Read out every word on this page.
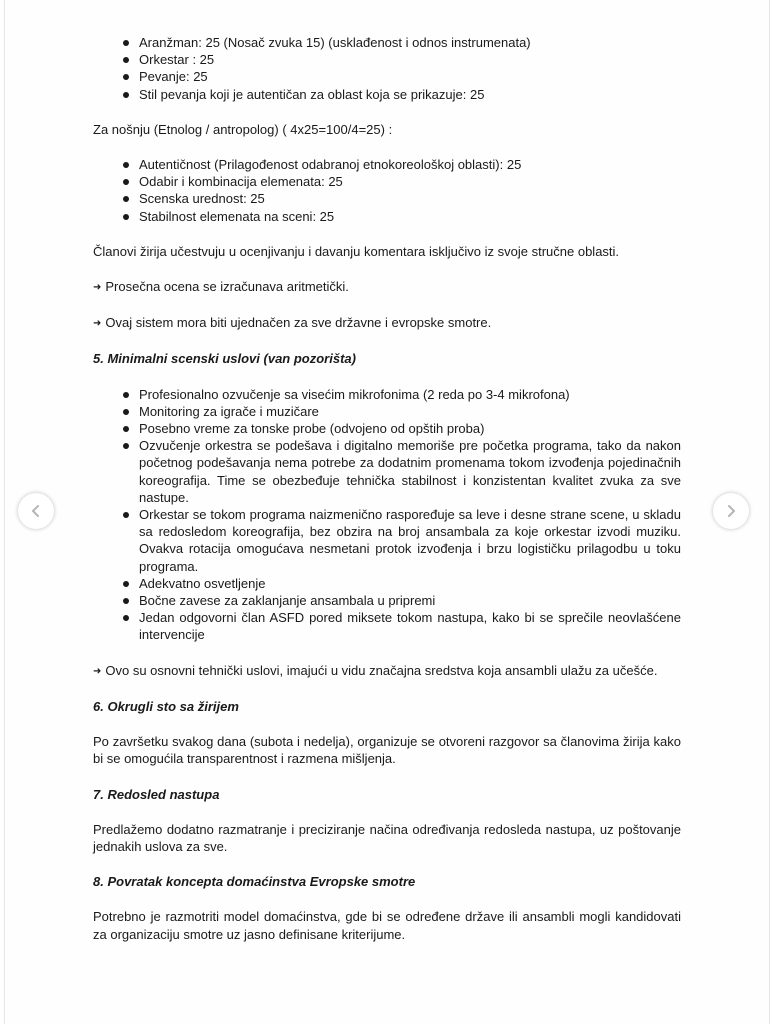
Aranžman: 25 (Nosač zvuka 15) (usklađenost i odnos instrumenata)
Orkestar : 25
Pevanje: 25
Stil pevanja koji je autentičan za oblast koja se prikazuje: 25

Za nošnju (Etnolog / antropolog) ( 4x25=100/4=25) :

Autentičnost (Prilagođenost odabranoj etnokoreološkoj oblasti): 25
Odabir i kombinacija elemenata: 25
Scenska urednost: 25
Stabilnost elemenata na sceni: 25

Članovi žirija učestvuju u ocenjivanju i davanju komentara isključivo iz svoje stručne oblasti.

➜ Prosečna ocena se izračunava aritmetički.

➜ Ovaj sistem mora biti ujednačen za sve državne i evropske smotre.

5. Minimalni scenski uslovi (van pozorišta)

Profesionalno ozvučenje sa visećim mikrofonima (2 reda po 3-4 mikrofona)
Monitoring za igrače i muzičare
Posebno vreme za tonske probe (odvojeno od opštih proba)
Ozvučenje orkestra se podešava i digitalno memoriše pre početka programa, tako da nakon početnog podešavanja nema potrebe za dodatnim promenama tokom izvođenja pojedinačnih koreografija. Time se obezbeđuje tehnička stabilnost i konzistentan kvalitet zvuka za sve nastupe.
Orkestar se tokom programa naizmenično raspoređuje sa leve i desne strane scene, u skladu sa redosledom koreografija, bez obzira na broj ansambala za koje orkestar izvodi muziku. Ovakva rotacija omogućava nesmetani protok izvođenja i brzu logističku prilagodbu u toku programa.
Adekvatno osvetljenje
Bočne zavese za zaklanjanje ansambala u pripremi
Jedan odgovorni član ASFD pored miksete tokom nastupa, kako bi se sprečile neovlašćene intervencije

➜ Ovo su osnovni tehnički uslovi, imajući u vidu značajna sredstva koja ansambli ulažu za učešće.

6. Okrugli sto sa žirijem

Po završetku svakog dana (subota i nedelja), organizuje se otvoreni razgovor sa članovima žirija kako bi se omogućila transparentnost i razmena mišljenja.

7. Redosled nastupa

Predlažemo dodatno razmatranje i preciziranje načina određivanja redosleda nastupa, uz poštovanje jednakih uslova za sve.

8. Povratak koncepta domaćinstva Evropske smotre

Potrebno je razmotriti model domaćinstva, gde bi se određene države ili ansambli mogli kandidovati za organizaciju smotre uz jasno definisane kriterijume.
